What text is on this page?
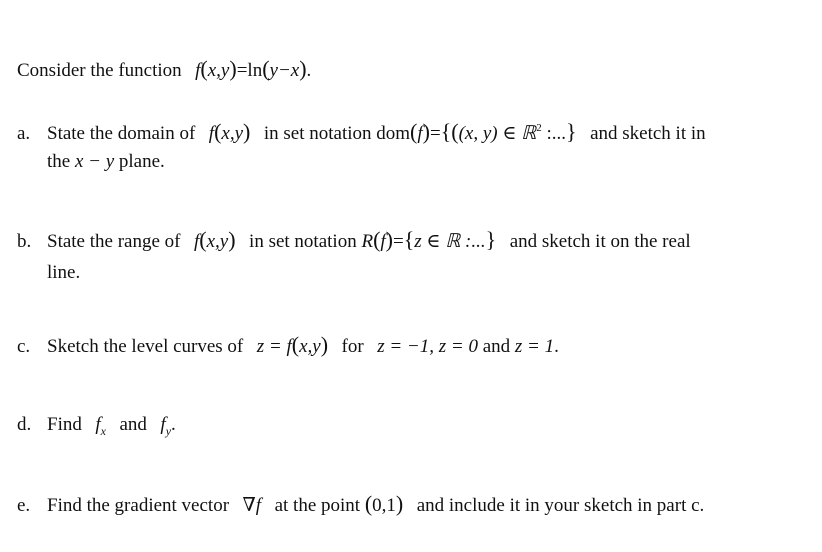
Consider the function f(x,y)=ln(y−x).
a. State the domain of f(x,y) in set notation dom(f)={((x, y) ∈ ℝ$^2$ :...} and sketch it in
the x − y plane.
b. State the range of f(x,y) in set notation R(f)={z ∈ ℝ :...} and sketch it on the real
line.
c. Sketch the level curves of z = f(x,y) for z = −1, z = 0 and z = 1.
d. Find $f_x$ and $f_y$.
e. Find the gradient vector ∇f at the point (0,1) and include it in your sketch in part c.
